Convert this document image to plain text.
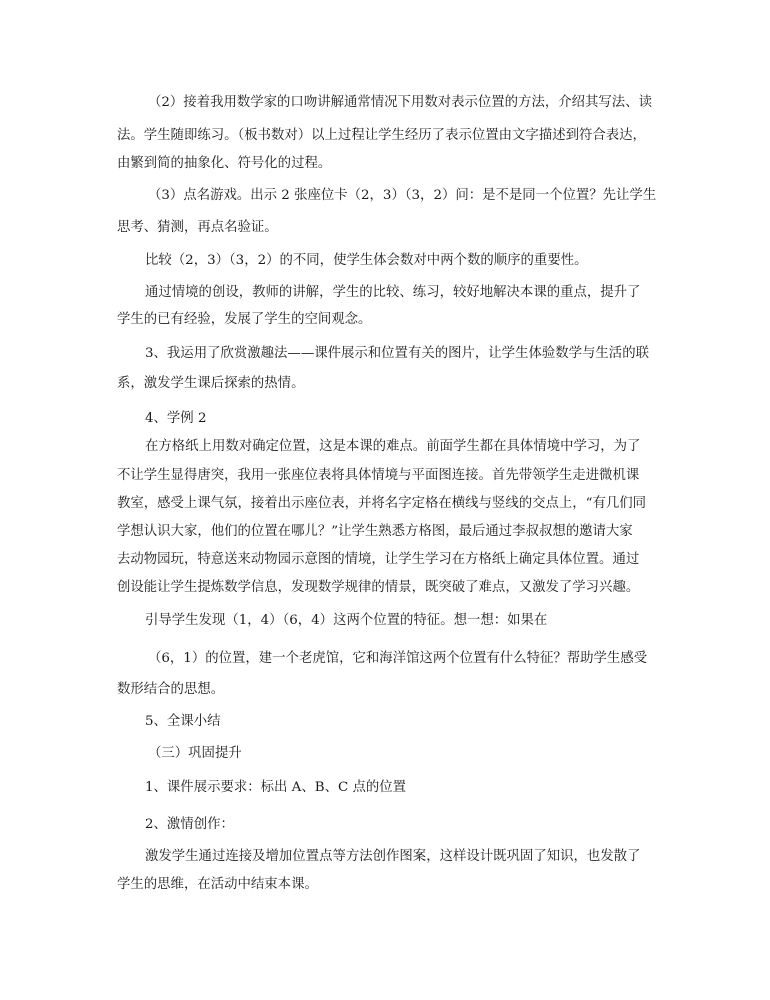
（2）接着我用数学家的口吻讲解通常情况下用数对表示位置的方法，介绍其写法、读
法。学生随即练习。（板书数对）以上过程让学生经历了表示位置由文字描述到符合表达，
由繁到简的抽象化、符号化的过程。
（3）点名游戏。出示 2 张座位卡（2，3）（3，2）问：是不是同一个位置？先让学生
思考、猜测，再点名验证。
比较（2，3）（3，2）的不同，使学生体会数对中两个数的顺序的重要性。
通过情境的创设，教师的讲解，学生的比较、练习，较好地解决本课的重点，提升了
学生的已有经验，发展了学生的空间观念。
3、我运用了欣赏激趣法——课件展示和位置有关的图片，让学生体验数学与生活的联
系，激发学生课后探索的热情。
4、学例 2
在方格纸上用数对确定位置，这是本课的难点。前面学生都在具体情境中学习，为了
不让学生显得唐突，我用一张座位表将具体情境与平面图连接。首先带领学生走进微机课
教室，感受上课气氛，接着出示座位表，并将名字定格在横线与竖线的交点上，“有几们同
学想认识大家，他们的位置在哪儿？”让学生熟悉方格图，最后通过李叔叔想的邀请大家
去动物园玩，特意送来动物园示意图的情境，让学生学习在方格纸上确定具体位置。通过
创设能让学生提炼数学信息，发现数学规律的情景，既突破了难点，又激发了学习兴趣。
引导学生发现（1，4）（6，4）这两个位置的特征。想一想：如果在
（6，1）的位置，建一个老虎馆，它和海洋馆这两个位置有什么特征？帮助学生感受
数形结合的思想。
5、全课小结
（三）巩固提升
1、课件展示要求：标出 A、B、C 点的位置
2、激情创作：
激发学生通过连接及增加位置点等方法创作图案，这样设计既巩固了知识，也发散了
学生的思维，在活动中结束本课。
